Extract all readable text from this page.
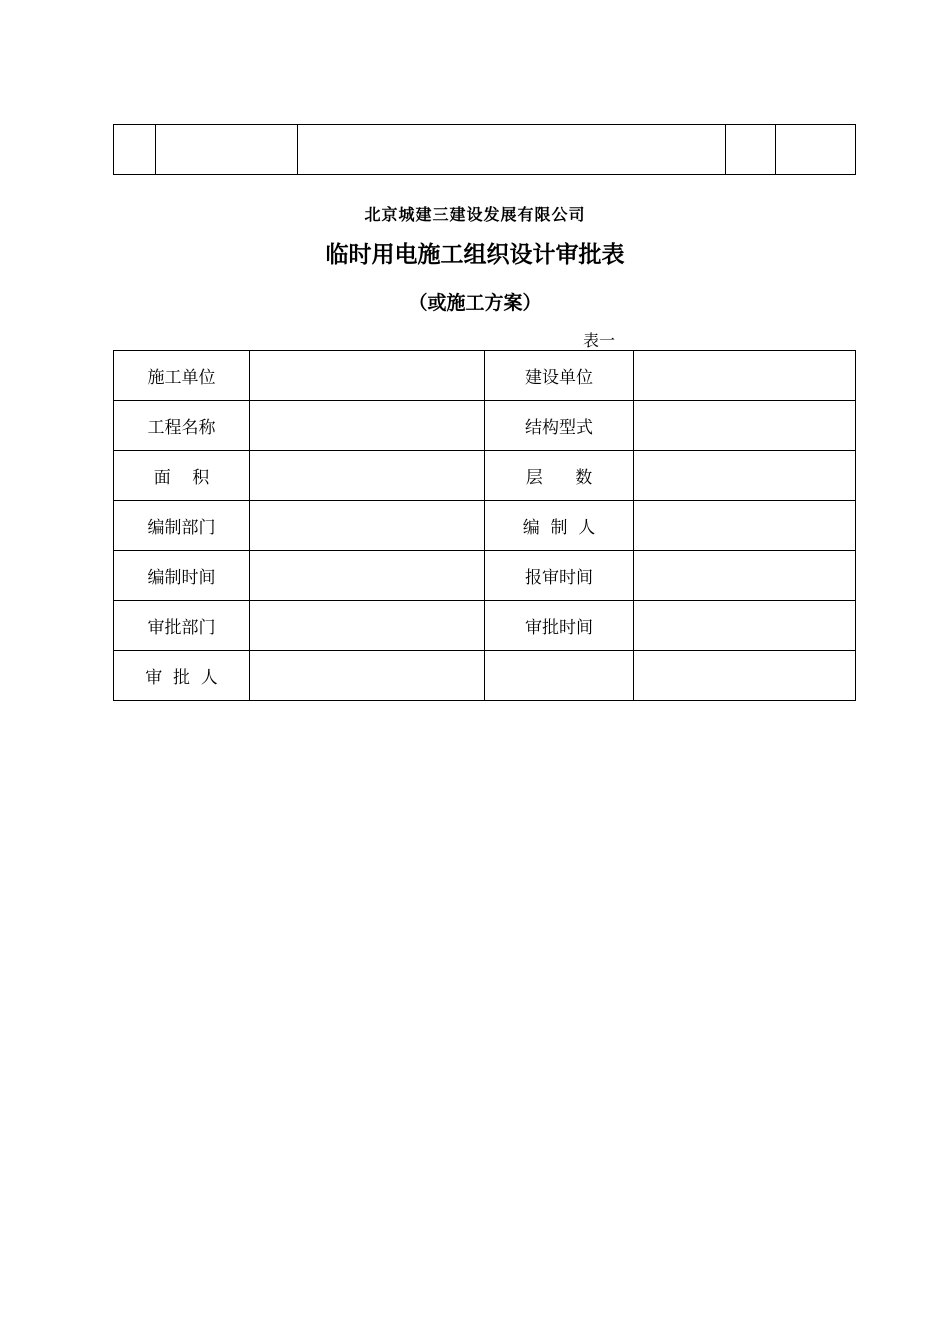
北京城建三建设发展有限公司
临时用电施工组织设计审批表
（或施工方案）
表一
施工单位		建设单位	
工程名称		结构型式	
面    积		层      数	
编制部门		编  制  人	
编制时间		报审时间	
审批部门		审批时间	
审  批  人			
